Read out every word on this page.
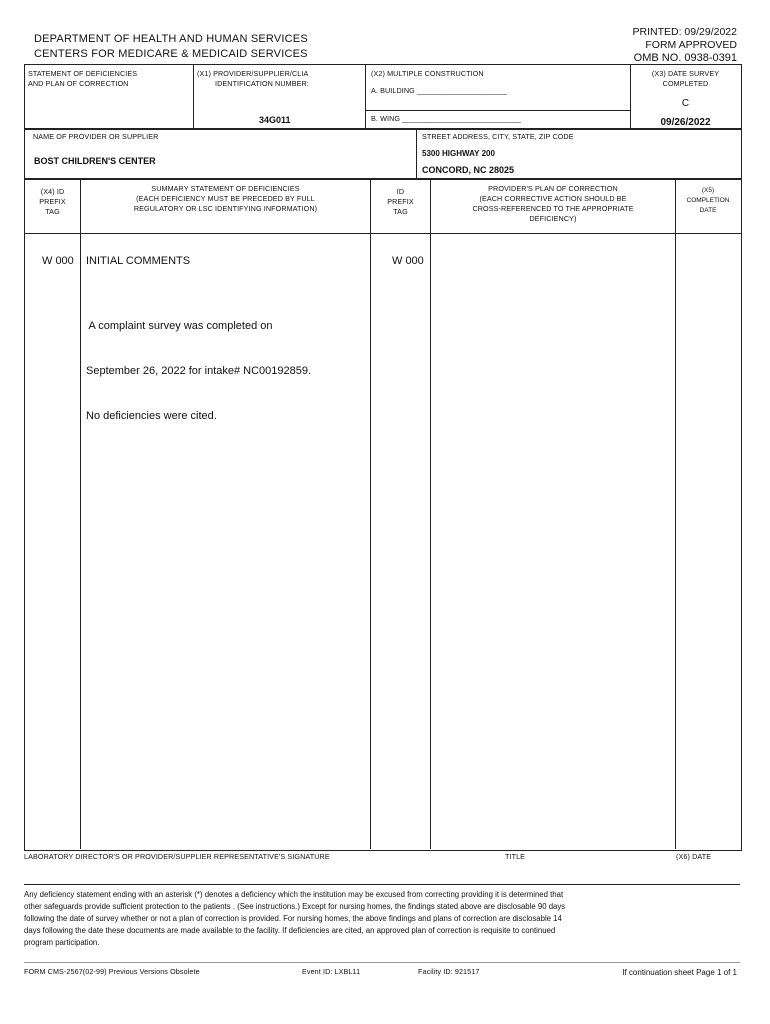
DEPARTMENT OF HEALTH AND HUMAN SERVICES
CENTERS FOR MEDICARE & MEDICAID SERVICES
PRINTED: 09/29/2022
FORM APPROVED
OMB NO. 0938-0391
STATEMENT OF DEFICIENCIES
AND PLAN OF CORRECTION
(X1) PROVIDER/SUPPLIER/CLIA
IDENTIFICATION NUMBER:
34G011
(X2) MULTIPLE CONSTRUCTION
A. BUILDING ______________________
B. WING _____________________________
(X3) DATE SURVEY
COMPLETED
C
09/26/2022
NAME OF PROVIDER OR SUPPLIER
BOST CHILDREN'S CENTER
STREET ADDRESS, CITY, STATE, ZIP CODE
5300 HIGHWAY 200
CONCORD, NC 28025
(X4) ID
PREFIX
TAG
SUMMARY STATEMENT OF DEFICIENCIES
(EACH DEFICIENCY MUST BE PRECEDED BY FULL
REGULATORY OR LSC IDENTIFYING INFORMATION)
ID
PREFIX
TAG
PROVIDER'S PLAN OF CORRECTION
(EACH CORRECTIVE ACTION SHOULD BE
CROSS-REFERENCED TO THE APPROPRIATE
DEFICIENCY)
(X5)
COMPLETION
DATE
W 000 INITIAL COMMENTS	W 000

A complaint survey was completed on

September 26, 2022 for intake# NC00192859.

No deficiencies were cited.

LABORATORY DIRECTOR'S OR PROVIDER/SUPPLIER REPRESENTATIVE'S SIGNATURE	TITLE	(X6) DATE
Any deficiency statement ending with an asterisk (*) denotes a deficiency which the institution may be excused from correcting providing it is determined that
other safeguards provide sufficient protection to the patients . (See instructions.) Except for nursing homes, the findings stated above are disclosable 90 days
following the date of survey whether or not a plan of correction is provided. For nursing homes, the above findings and plans of correction are disclosable 14
days following the date these documents are made available to the facility. If deficiencies are cited, an approved plan of correction is requisite to continued
program participation.
FORM CMS-2567(02-99) Previous Versions Obsolete	Event ID: LXBL11	Facility ID: 921517	If continuation sheet Page 1 of 1
